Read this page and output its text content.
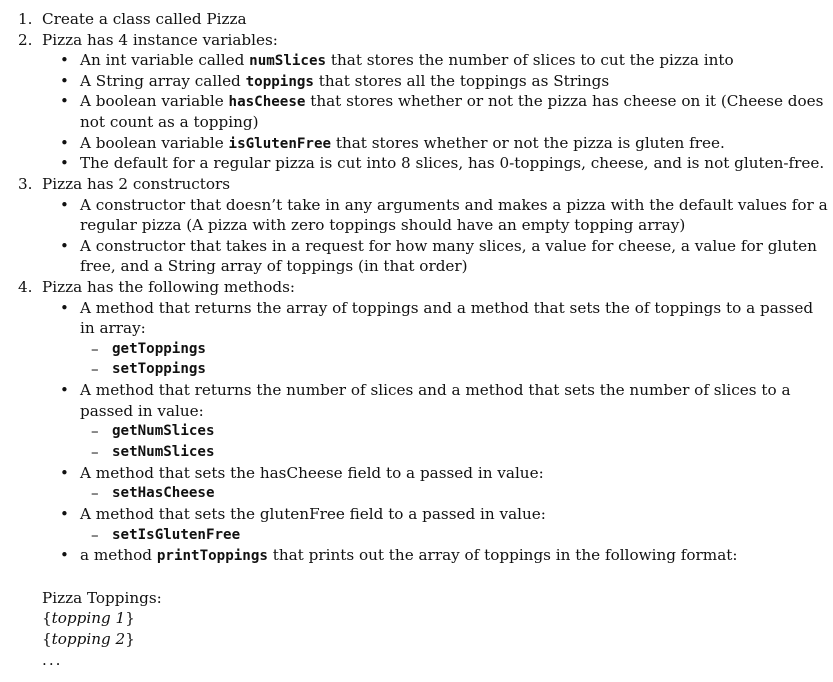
1. Create a class called Pizza
2. Pizza has 4 instance variables:
• An int variable called numSlices that stores the number of slices to cut the pizza into
• A String array called toppings that stores all the toppings as Strings
• A boolean variable hasCheese that stores whether or not the pizza has cheese on it (Cheese does
not count as a topping)
• A boolean variable isGlutenFree that stores whether or not the pizza is gluten free.
• The default for a regular pizza is cut into 8 slices, has 0-toppings, cheese, and is not gluten-free.
3. Pizza has 2 constructors
• A constructor that doesn’t take in any arguments and makes a pizza with the default values for a
regular pizza (A pizza with zero toppings should have an empty topping array)
• A constructor that takes in a request for how many slices, a value for cheese, a value for gluten
free, and a String array of toppings (in that order)
4. Pizza has the following methods:
• A method that returns the array of toppings and a method that sets the of toppings to a passed
in array:
– getToppings
– setToppings
• A method that returns the number of slices and a method that sets the number of slices to a
passed in value:
– getNumSlices
– setNumSlices
• A method that sets the hasCheese field to a passed in value:
– setHasCheese
• A method that sets the glutenFree field to a passed in value:
– setIsGlutenFree
• a method printToppings that prints out the array of toppings in the following format:
Pizza Toppings:
{topping 1}
{topping 2}
...
